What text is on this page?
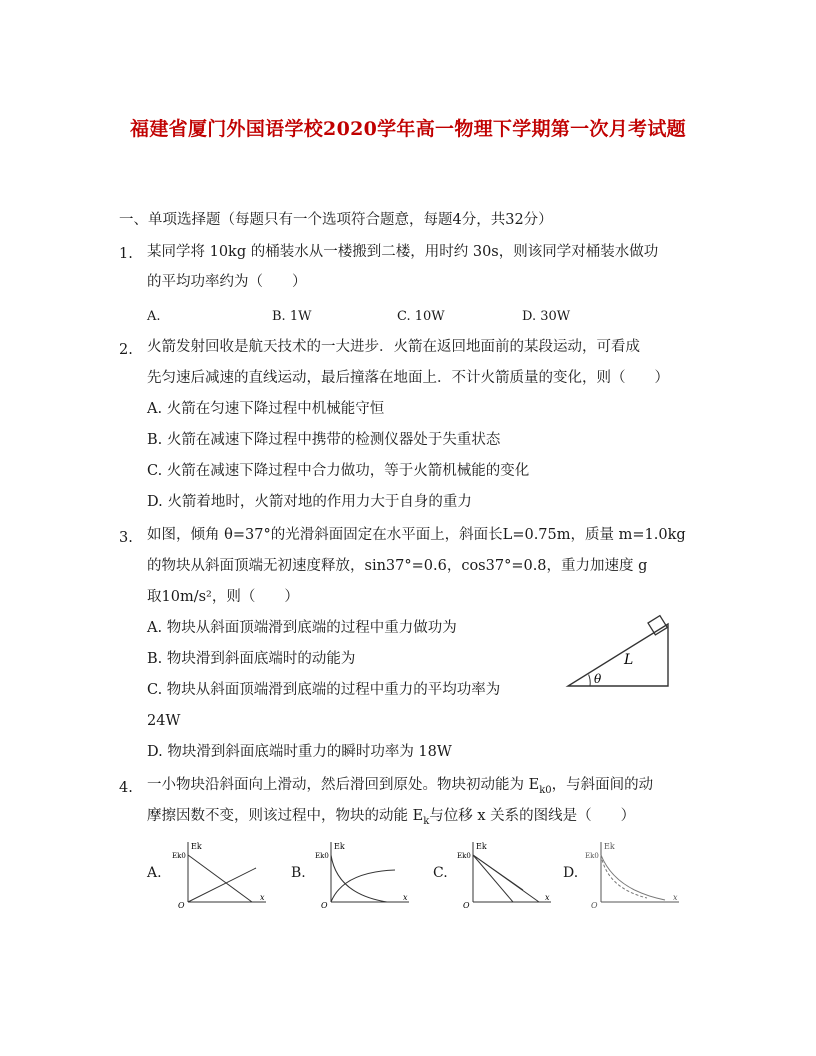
福建省厦门外国语学校2020学年高一物理下学期第一次月考试题
一、单项选择题（每题只有一个选项符合题意，每题4分，共32分）
1. 某同学将 10kg 的桶装水从一楼搬到二楼，用时约 30s，则该同学对桶装水做功
的平均功率约为（　　）
A.	B. 1W	C. 10W	D. 30W
2. 火箭发射回收是航天技术的一大进步．火箭在返回地面前的某段运动，可看成
先匀速后减速的直线运动，最后撞落在地面上．不计火箭质量的变化，则（　　）
A. 火箭在匀速下降过程中机械能守恒
B. 火箭在减速下降过程中携带的检测仪器处于失重状态
C. 火箭在减速下降过程中合力做功，等于火箭机械能的变化
D. 火箭着地时，火箭对地的作用力大于自身的重力
3. 如图，倾角 θ=37°的光滑斜面固定在水平面上，斜面长L=0.75m，质量 m=1.0kg
的物块从斜面顶端无初速度释放，sin37°=0.6，cos37°=0.8，重力加速度 g
取10m/s²，则（　　）
A. 物块从斜面顶端滑到底端的过程中重力做功为
B. 物块滑到斜面底端时的动能为
C. 物块从斜面顶端滑到底端的过程中重力的平均功率为
24W
D. 物块滑到斜面底端时重力的瞬时功率为 18W
L
θ
4. 一小物块沿斜面向上滑动，然后滑回到原处。物块初动能为 $E_{k0}$，与斜面间的动
摩擦因数不变，则该过程中，物块的动能 $E_k$与位移 x 关系的图线是（　　）
A.
Ek
Ek0
O
x
B.
Ek
Ek0
O
x
C.
Ek
Ek0
O
x
D.
Ek
Ek0
O
x
